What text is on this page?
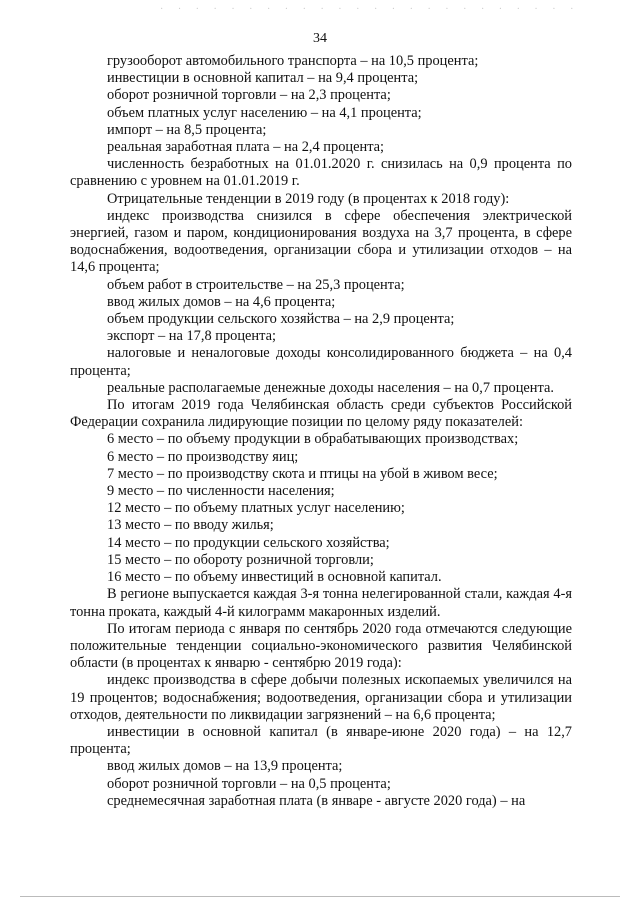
· · · · · · · · · · · · · · · · · · · · · · · ·
34
грузооборот автомобильного транспорта – на 10,5 процента;
инвестиции в основной капитал – на 9,4 процента;
оборот розничной торговли – на 2,3 процента;
объем платных услуг населению – на 4,1 процента;
импорт – на 8,5 процента;
реальная заработная плата – на 2,4 процента;

численность безработных на 01.01.2020 г. снизилась на 0,9 процента по сравнению с уровнем на 01.01.2019 г.

Отрицательные тенденции в 2019 году (в процентах к 2018 году):

индекс производства снизился в сфере обеспечения электрической энергией, газом и паром, кондиционирования воздуха на 3,7 процента, в сфере водоснабжения, водоотведения, организации сбора и утилизации отходов – на 14,6 процента;

объем работ в строительстве – на 25,3 процента;
ввод жилых домов – на 4,6 процента;
объем продукции сельского хозяйства – на 2,9 процента;
экспорт – на 17,8 процента;

налоговые и неналоговые доходы консолидированного бюджета – на 0,4 процента;

реальные располагаемые денежные доходы населения – на 0,7 процента.

По итогам 2019 года Челябинская область среди субъектов Российской Федерации сохранила лидирующие позиции по целому ряду показателей:

6 место – по объему продукции в обрабатывающих производствах;
6 место – по производству яиц;
7 место – по производству скота и птицы на убой в живом весе;
9 место – по численности населения;
12 место – по объему платных услуг населению;
13 место – по вводу жилья;
14 место – по продукции сельского хозяйства;
15 место – по обороту розничной торговли;
16 место – по объему инвестиций в основной капитал.

В регионе выпускается каждая 3-я тонна нелегированной стали, каждая 4-я тонна проката, каждый 4-й килограмм макаронных изделий.

По итогам периода с января по сентябрь 2020 года отмечаются следующие положительные тенденции социально-экономического развития Челябинской области (в процентах к январю - сентябрю 2019 года):

индекс производства в сфере добычи полезных ископаемых увеличился на 19 процентов; водоснабжения; водоотведения, организации сбора и утилизации отходов, деятельности по ликвидации загрязнений – на 6,6 процента;

инвестиции в основной капитал (в январе-июне 2020 года) – на 12,7 процента;

ввод жилых домов – на 13,9 процента;
оборот розничной торговли – на 0,5 процента;

среднемесячная заработная плата (в январе - августе 2020 года) – на
